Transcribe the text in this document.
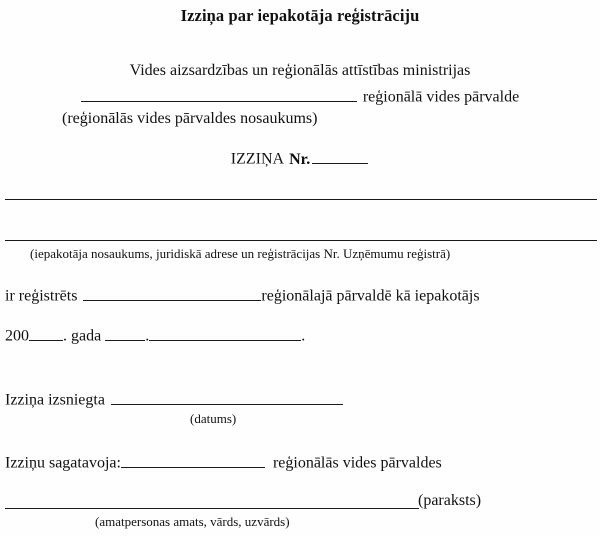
Izziņa par iepakotāja reģistrāciju
Vides aizsardzības un reģionālās attīstības ministrijas
reģionālā vides pārvalde
(reģionālās vides pārvaldes nosaukums)
IZZIŅA Nr.
(iepakotāja nosaukums, juridiskā adrese un reģistrācijas Nr. Uzņēmumu reģistrā)
ir reģistrēts	reģionālajā pārvaldē kā iepakotājs
200 . gada	.	.
Izziņa izsniegta
(datums)
Izziņu sagatavoja:	reģionālās vides pārvaldes
(paraksts)
(amatpersonas amats, vārds, uzvārds)
